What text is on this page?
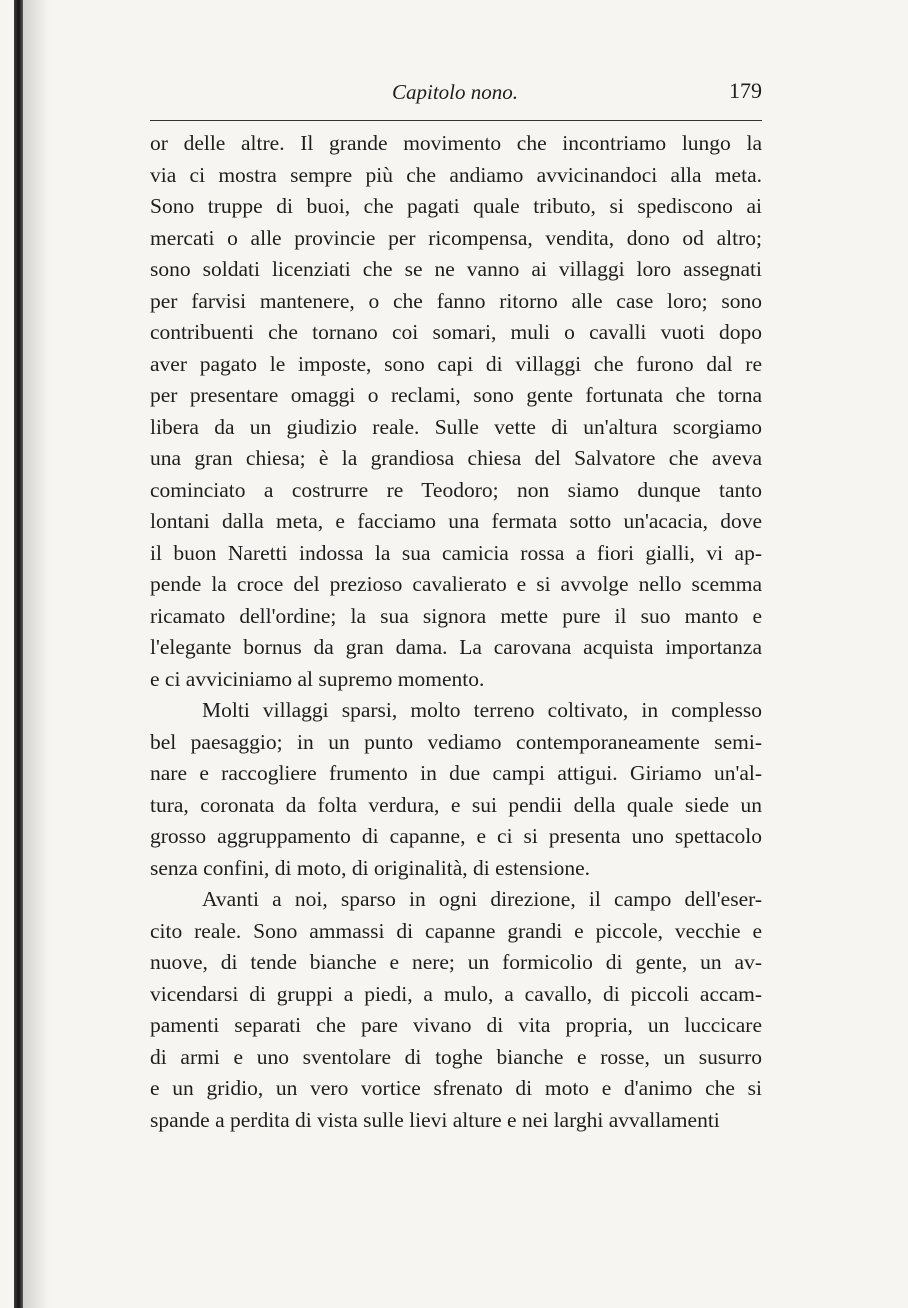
Capitolo nono.	179
or delle altre. Il grande movimento che incontriamo lungo la
via ci mostra sempre più che andiamo avvicinandoci alla meta.
Sono truppe di buoi, che pagati quale tributo, si spediscono ai
mercati o alle provincie per ricompensa, vendita, dono od altro;
sono soldati licenziati che se ne vanno ai villaggi loro assegnati
per farvisi mantenere, o che fanno ritorno alle case loro; sono
contribuenti che tornano coi somari, muli o cavalli vuoti dopo
aver pagato le imposte, sono capi di villaggi che furono dal re
per presentare omaggi o reclami, sono gente fortunata che torna
libera da un giudizio reale. Sulle vette di un'altura scorgiamo
una gran chiesa; è la grandiosa chiesa del Salvatore che aveva
cominciato a costrurre re Teodoro; non siamo dunque tanto
lontani dalla meta, e facciamo una fermata sotto un'acacia, dove
il buon Naretti indossa la sua camicia rossa a fiori gialli, vi ap-
pende la croce del prezioso cavalierato e si avvolge nello scemma
ricamato dell'ordine; la sua signora mette pure il suo manto e
l'elegante bornus da gran dama. La carovana acquista importanza
e ci avviciniamo al supremo momento.
Molti villaggi sparsi, molto terreno coltivato, in complesso
bel paesaggio; in un punto vediamo contemporaneamente semi-
nare e raccogliere frumento in due campi attigui. Giriamo un'al-
tura, coronata da folta verdura, e sui pendii della quale siede un
grosso aggruppamento di capanne, e ci si presenta uno spettacolo
senza confini, di moto, di originalità, di estensione.
Avanti a noi, sparso in ogni direzione, il campo dell'eser-
cito reale. Sono ammassi di capanne grandi e piccole, vecchie e
nuove, di tende bianche e nere; un formicolio di gente, un av-
vicendarsi di gruppi a piedi, a mulo, a cavallo, di piccoli accam-
pamenti separati che pare vivano di vita propria, un luccicare
di armi e uno sventolare di toghe bianche e rosse, un susurro
e un gridio, un vero vortice sfrenato di moto e d'animo che si
spande a perdita di vista sulle lievi alture e nei larghi avvallamenti
